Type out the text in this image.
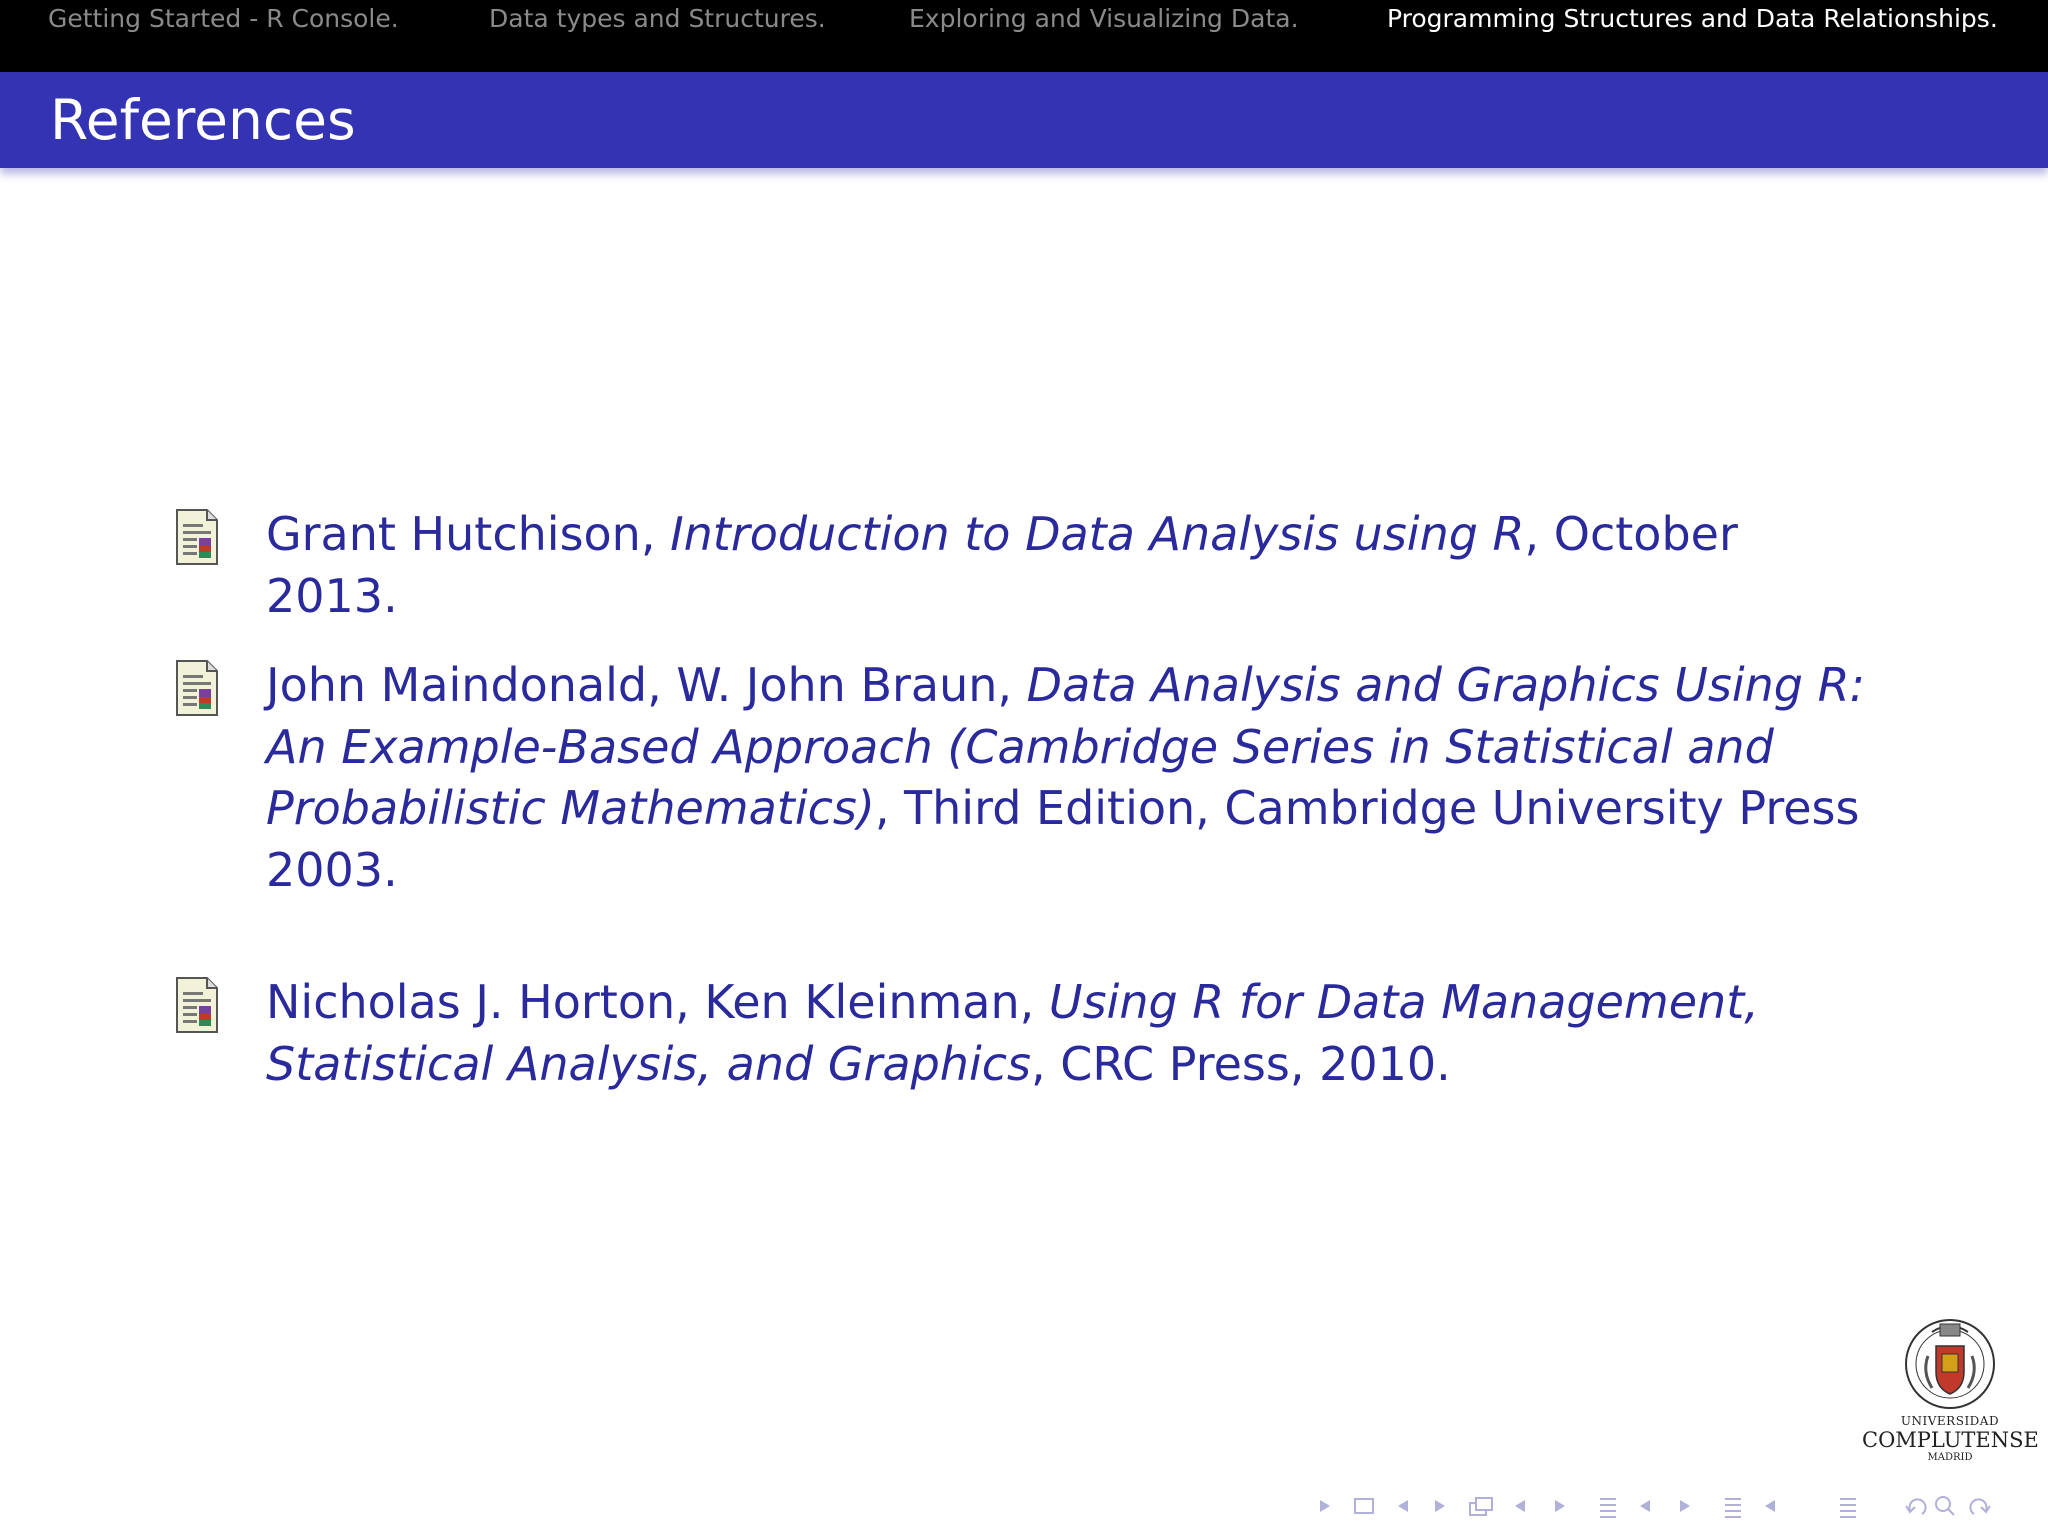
Getting Started - R Console.	Data types and Structures.	Exploring and Visualizing Data.	Programming Structures and Data Relationships.
References
Grant Hutchison, Introduction to Data Analysis using R, October 2013.
John Maindonald, W. John Braun, Data Analysis and Graphics Using R: An Example-Based Approach (Cambridge Series in Statistical and Probabilistic Mathematics), Third Edition, Cambridge University Press 2003.
Nicholas J. Horton, Ken Kleinman, Using R for Data Management, Statistical Analysis, and Graphics, CRC Press, 2010.
UNIVERSIDAD
COMPLUTENSE
MADRID
